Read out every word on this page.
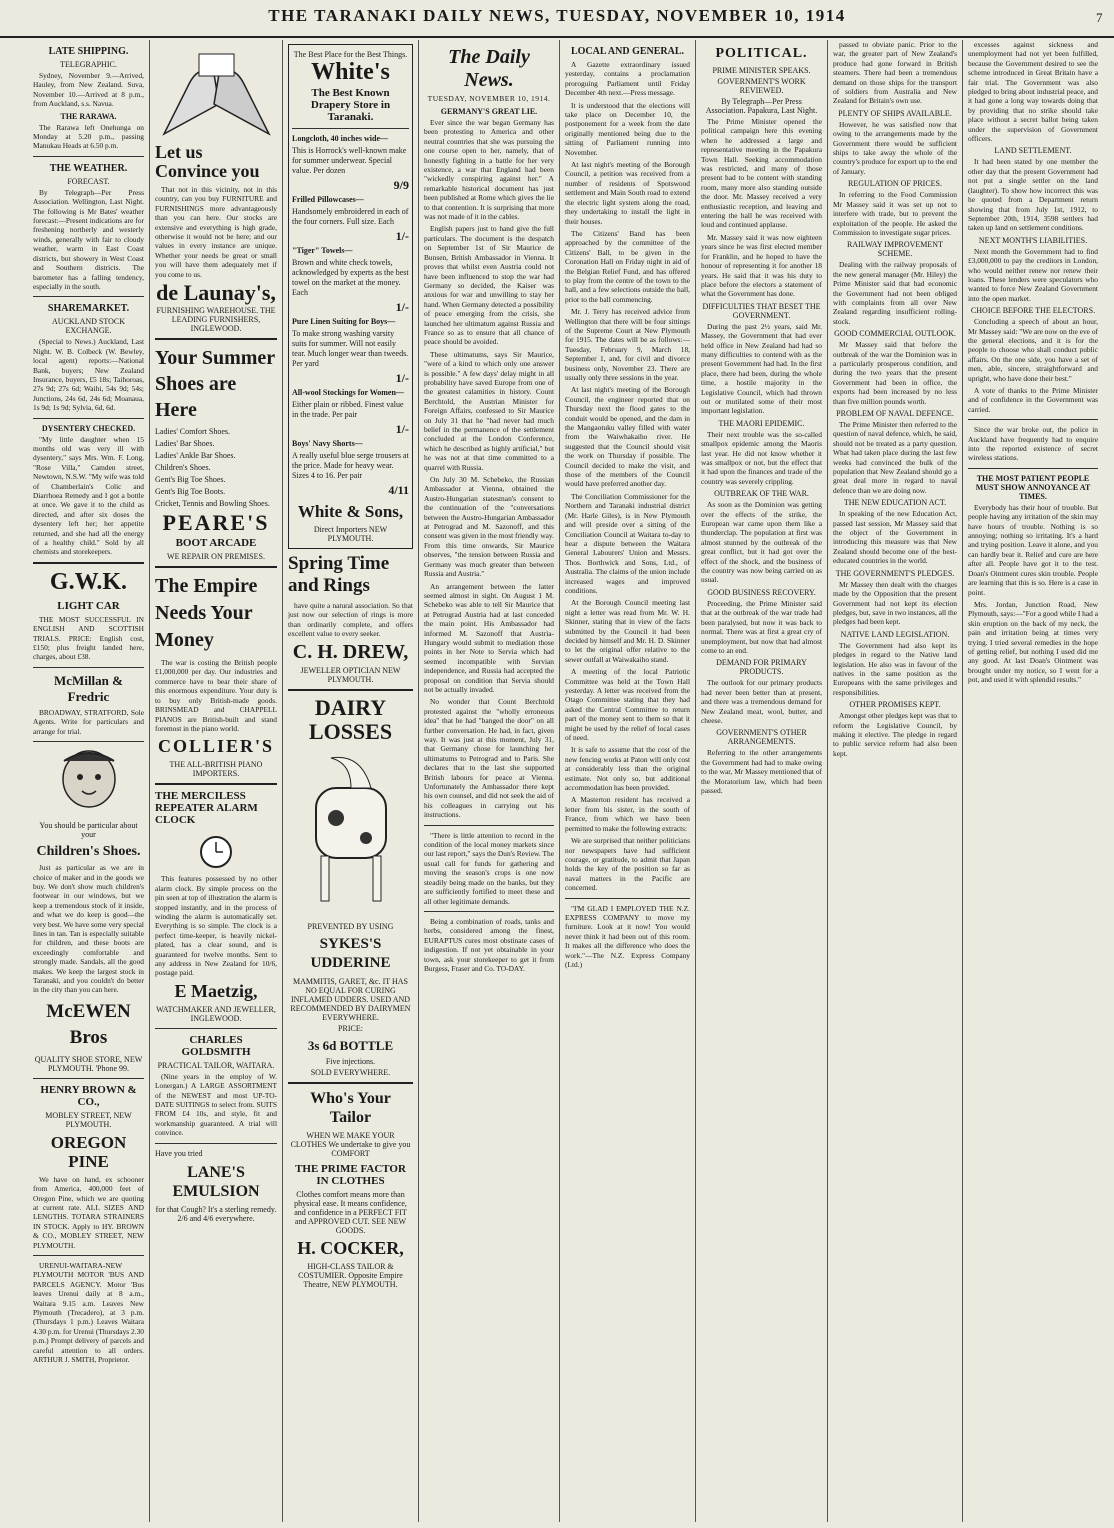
THE TARANAKI DAILY NEWS, TUESDAY, NOVEMBER 10, 1914	7
LATE SHIPPING.
TELEGRAPHIC.

Sydney, November 9.—Arrived, Hauley, from New Zealand. Suva, November 10.—Arrived at 8 p.m., from Auckland, s.s. Navua.

THE RARAWA.

The Rarawa left Onehunga on Monday at 5.20 p.m., passing Manukau Heads at 6.50 p.m.

THE WEATHER.
FORECAST.

By Telegraph—Per Press Association. Wellington, Last Night. The following is Mr Bates' weather forecast:—Present indications are for freshening northerly and westerly winds, generally with fair to cloudy weather, warm in East Coast districts, but showery in West Coast and Southern districts. The barometer has a falling tendency, especially in the south.

SHAREMARKET.
AUCKLAND STOCK EXCHANGE.

(Special to News.) Auckland, Last Night. W. B. Colbeck (W. Bewley, local agent) reports:—National Bank, buyers; New Zealand Insurance, buyers, £5 18s; Taihoroas, 27s 9d; 27s 6d; Waihi, 54s 9d; 54s; Junctions, 24s 6d, 24s 6d; Moanaua, 1s 9d; 1s 9d; Sylvia, 6d, 6d.

DYSENTERY CHECKED.

"My little daughter when 15 months old was very ill with dysentery," says Mrs. Wm. F. Long, "Rose Villa," Camden street, Newtown, N.S.W. "My wife was told of Chamberlain's Colic and Diarrhoea Remedy and I got a bottle at once. We gave it to the child as directed, and after six doses the dysentery left her; her appetite returned, and she had all the energy of a healthy child." Sold by all chemists and storekeepers.

G.W.K.
LIGHT CAR

THE MOST SUCCESSFUL IN ENGLISH AND SCOTTISH TRIALS. PRICE: English cost, £150; plus freight landed here, charges, about £38.

McMillan & Fredric

BROADWAY, STRATFORD, Sole Agents. Write for particulars and arrange for trial.

You should be particular about your
Children's Shoes.

Just as particular as we are in choice of maker and in the goods we buy. We don't show much children's footwear in our windows, but we keep a tremendous stock of it inside, and what we do keep is good—the very best. We have some very special lines in tan. Tan is especially suitable for children, and these boots are exceedingly comfortable and strongly made. Sandals, all the good makes. We keep the largest stock in Taranaki, and you couldn't do better in the city than you can here.

McEWEN Bros
QUALITY SHOE STORE, NEW PLYMOUTH. 'Phone 99.
HENRY BROWN & CO.,
MOBLEY STREET, NEW PLYMOUTH.
OREGON PINE

We have on hand, ex schooner from America, 400,000 feet of Oregon Pine, which we are quoting at current rate. ALL SIZES AND LENGTHS. TOTARA STRAINERS IN STOCK. Apply to HY. BROWN & CO., MOBLEY STREET, NEW PLYMOUTH.

URENUI-WAITARA-NEW PLYMOUTH MOTOR 'BUS AND PARCELS AGENCY. Motor 'Bus leaves Urenui daily at 8 a.m., Waitara 9.15 a.m. Leaves New Plymouth (Trecadero), at 3 p.m. (Thursdays 1 p.m.) Leaves Waitara 4.30 p.m. for Urenui (Thursdays 2.30 p.m.) Prompt delivery of parcels and careful attention to all orders. ARTHUR J. SMITH, Proprietor.

Let us Convince you

That not in this vicinity, not in this country, can you buy FURNITURE and FURNISHINGS more advantageously than you can here. Our stocks are extensive and everything is high grade, otherwise it would not be here; and our values in every instance are unique. Whether your needs be great or small you will have them adequately met if you come to us.

de Launay's,
FURNISHING WAREHOUSE. THE LEADING FURNISHERS, INGLEWOOD.
Your Summer Shoes are Here
Ladies' Comfort Shoes.
Ladies' Bar Shoes.
Ladies' Ankle Bar Shoes.
Children's Shoes.
Gent's Big Toe Shoes.
Gent's Big Toe Boots.
Cricket, Tennis and Bowling Shoes.
PEARE'S
BOOT ARCADE
WE REPAIR ON PREMISES.
The Empire Needs Your Money

The war is costing the British people £1,000,000 per day. Our industries and commerce have to bear their share of this enormous expenditure. Your duty is to buy only British-made goods. BRINSMEAD and CHAPPELL PIANOS are British-built and stand foremost in the piano world.

COLLIER'S
THE ALL-BRITISH PIANO IMPORTERS.
THE MERCILESS REPEATER ALARM CLOCK

This features possessed by no other alarm clock. By simple process on the pin seen at top of illustration the alarm is stopped instantly, and in the process of winding the alarm is automatically set. Everything is so simple. The clock is a perfect time-keeper, is heavily nickel-plated, has a clear sound, and is guaranteed for twelve months. Sent to any address in New Zealand for 10/6, postage paid.

E Maetzig,
WATCHMAKER AND JEWELLER, INGLEWOOD.
CHARLES GOLDSMITH
PRACTICAL TAILOR, WAITARA.

(Nine years in the employ of W. Lonergan.) A LARGE ASSORTMENT of the NEWEST and most UP-TO-DATE SUITINGS to select from. SUITS FROM £4 10s, and style, fit and workmanship guaranteed. A trial will convince.

Have you tried
LANE'S EMULSION
for that Cough? It's a sterling remedy. 2/6 and 4/6 everywhere.
The Best Place for the Best Things.
White's
The Best Known Drapery Store in Taranaki.
Longcloth, 40 inches wide—
This is Horrock's well-known make for summer underwear. Special value. Per dozen
9/9
Frilled Pillowcases—
Handsomely embroidered in each of the four corners. Full size. Each
1/-
"Tiger" Towels—
Brown and white check towels, acknowledged by experts as the best towel on the market at the money. Each
1/-
Pure Linen Suiting for Boys—
To make strong washing varsity suits for summer. Will not easily tear. Much longer wear than tweeds. Per yard
1/-
All-wool Stockings for Women—
Either plain or ribbed. Finest value in the trade. Per pair
1/-
Boys' Navy Shorts—
A really useful blue serge trousers at the price. Made for heavy wear. Sizes 4 to 16. Per pair
4/11
White & Sons,
Direct Importers NEW PLYMOUTH.
Spring Time and Rings

have quite a natural association. So that just now our selection of rings is more than ordinarily complete, and offers excellent value to every seeker.

C. H. DREW,
JEWELLER OPTICIAN NEW PLYMOUTH.
DAIRY LOSSES
PREVENTED BY USING
SYKES'S UDDERINE
MAMMITIS, GARET, &c. IT HAS NO EQUAL FOR CURING INFLAMED UDDERS. USED AND RECOMMENDED BY DAIRYMEN EVERYWHERE.
PRICE:
3s 6d BOTTLE
Five injections.
SOLD EVERYWHERE.
Who's Your Tailor
WHEN WE MAKE YOUR CLOTHES We undertake to give you COMFORT
THE PRIME FACTOR IN CLOTHES
Clothes comfort means more than physical ease. It means confidence, and confidence in a PERFECT FIT and APPROVED CUT. SEE NEW GOODS.
H. COCKER,
HIGH-CLASS TAILOR & COSTUMIER. Opposite Empire Theatre, NEW PLYMOUTH.
The Daily News.
TUESDAY, NOVEMBER 10, 1914.
GERMANY'S GREAT LIE.

Ever since the war began Germany has been protesting to America and other neutral countries that she was pursuing the one course open to her, namely, that of honestly fighting in a battle for her very existence, a war that England had been "wickedly conspiring against her." A remarkable historical document has just been published at Rome which gives the lie to that contention. It is surprising that more was not made of it in the cables.

English papers just to hand give the full particulars. The document is the despatch on September 1st of Sir Maurice de Bunsen, British Ambassador in Vienna. It proves that whilst even Austria could not have been influenced to stop the war had Germany so decided, the Kaiser was anxious for war and unwilling to stay her hand. When Germany detected a possibility of peace emerging from the crisis, she launched her ultimatum against Russia and France so as to ensure that all chance of peace should be avoided.

These ultimatums, says Sir Maurice, "were of a kind to which only one answer is possible." A few days' delay might in all probability have saved Europe from one of the greatest calamities in history. Count Berchtold, the Austrian Minister for Foreign Affairs, confessed to Sir Maurice on July 31 that he "had never had much belief in the permanence of the settlement concluded at the London Conference, which he described as highly artificial," but he was not at that time committed to a quarrel with Russia.

On July 30 M. Schebeko, the Russian Ambassador at Vienna, obtained the Austro-Hungarian statesman's consent to the continuation of the "conversations between the Austro-Hungarian Ambassador at Petrograd and M. Sazonoff, and this consent was given in the most friendly way. From this time onwards, Sir Maurice observes, "the tension between Russia and Germany was much greater than between Russia and Austria."

An arrangement between the latter seemed almost in sight. On August 1 M. Schebeko was able to tell Sir Maurice that at Petrograd Austria had at last conceded the main point. His Ambassador had informed M. Sazonoff that Austria-Hungary would submit to mediation those points in her Note to Servia which had seemed incompatible with Servian independence, and Russia had accepted the proposal on condition that Servia should not be actually invaded.

No wonder that Count Berchtold protested against the "wholly erroneous idea" that he had "banged the door" on all further conversation. He had, in fact, given way. It was just at this moment, July 31, that Germany chose for launching her ultimatums to Petrograd and to Paris. She declares that to the last she supported British labours for peace at Vienna. Unfortunately the Ambassador there kept his own counsel, and did not seek the aid of his colleagues in carrying out his instructions.

"There is little attention to record in the condition of the local money markets since our last report," says the Dun's Review. The usual call for funds for gathering and moving the season's crops is one now steadily being made on the banks, but they are sufficiently fortified to meet these and all other legitimate demands.

Being a combination of roads, tanks and herbs, considered among the finest, EURAPTUS cures most obstinate cases of indigestion. If not yet obtainable in your town, ask your storekeeper to get it from Burgess, Fraser and Co. TO-DAY.

LOCAL AND GENERAL.

A Gazette extraordinary issued yesterday, contains a proclamation proroguing Parliament until Friday December 4th next.—Press message.

It is understood that the elections will take place on December 10, the postponement for a week from the date originally mentioned being due to the sitting of Parliament running into November.

At last night's meeting of the Borough Council, a petition was received from a number of residents of Spotswood settlement and Main South road to extend the electric light system along the road, they undertaking to install the light in their houses.

The Citizens' Band has been approached by the committee of the Citizens' Ball, to be given in the Coronation Hall on Friday night in aid of the Belgian Relief Fund, and has offered to play from the centre of the town to the hall, and a few selections outside the hall, prior to the ball commencing.

Mr. J. Terry has received advice from Wellington that there will be four sittings of the Supreme Court at New Plymouth for 1915. The dates will be as follows:—Tuesday, February 9, March 18, September 1, and, for civil and divorce business only, November 23. There are usually only three sessions in the year.

At last night's meeting of the Borough Council, the engineer reported that on Thursday next the flood gates to the conduit would be opened, and the dam in the Mangaotuku valley filled with water from the Waiwhakaiho river. He suggested that the Council should visit the work on Thursday if possible. The Council decided to make the visit, and those of the members of the Council would have preferred another day.

The Conciliation Commissioner for the Northern and Taranaki industrial district (Mr. Harle Giles), is in New Plymouth and will preside over a sitting of the Conciliation Council at Waitara to-day to hear a dispute between the Waitara General Labourers' Union and Messrs. Thos. Borthwick and Sons, Ltd., of Australia. The claims of the union include increased wages and improved conditions.

At the Borough Council meeting last night a letter was read from Mr. W. H. Skinner, stating that in view of the facts submitted by the Council it had been decided by himself and Mr. H. D. Skinner to let the original offer relative to the sewer outfall at Waiwakaiho stand.

A meeting of the local Patriotic Committee was held at the Town Hall yesterday. A letter was received from the Otago Committee stating that they had asked the Central Committee to return part of the money sent to them so that it might be used by the relief of local cases of need.

It is safe to assume that the cost of the new fencing works at Paton will only cost at considerably less than the original estimate. Not only so, but additional accommodation has been provided.

A Masterton resident has received a letter from his sister, in the south of France, from which we have been permitted to make the following extracts:

We are surprised that neither politicians nor newspapers have had sufficient courage, or gratitude, to admit that Japan holds the key of the position so far as naval matters in the Pacific are concerned.

"I'M GLAD I EMPLOYED THE N.Z. EXPRESS COMPANY to move my furniture. Look at it now! You would never think it had been out of this room. It makes all the difference who does the work."—The N.Z. Express Company (Ltd.)

POLITICAL.
PRIME MINISTER SPEAKS.
GOVERNMENT'S WORK REVIEWED.
By Telegraph—Per Press Association. Papakura, Last Night.

The Prime Minister opened the political campaign here this evening when he addressed a large and representative meeting in the Papakura Town Hall. Seeking accommodation was restricted, and many of those present had to be content with standing room, many more also standing outside the door. Mr. Massey received a very enthusiastic reception, and leaving and entering the hall he was received with loud and continued applause.

Mr. Massey said it was now eighteen years since he was first elected member for Franklin, and he hoped to have the honour of representing it for another 18 years. He said that it was his duty to place before the electors a statement of what the Government has done.

DIFFICULTIES THAT BESET THE GOVERNMENT.

During the past 2½ years, said Mr. Massey, the Government that had ever held office in New Zealand had had so many difficulties to contend with as the present Government had had. In the first place, there had been, during the whole time, a hostile majority in the Legislative Council, which had thrown out or mutilated some of their most important legislation.

THE MAORI EPIDEMIC.

Their next trouble was the so-called smallpox epidemic among the Maoris last year. He did not know whether it was smallpox or not, but the effect that it had upon the finances and trade of the country was severely crippling.

OUTBREAK OF THE WAR.

As soon as the Dominion was getting over the effects of the strike, the European war came upon them like a thunderclap. The population at first was almost stunned by the outbreak of the great conflict, but it had got over the effect of the shock, and the business of the country was now being carried on as usual.

GOOD BUSINESS RECOVERY.

Proceeding, the Prime Minister said that at the outbreak of the war trade had been paralysed, but now it was back to normal. There was at first a great cry of unemployment, but now that had almost come to an end.

DEMAND FOR PRIMARY PRODUCTS.

The outlook for our primary products had never been better than at present, and there was a tremendous demand for New Zealand meat, wool, butter, and cheese.

GOVERNMENT'S OTHER ARRANGEMENTS.

Referring to the other arrangements the Government had had to make owing to the war, Mr Massey mentioned that of the Moratorium law, which had been passed.

passed to obviate panic. Prior to the war, the greater part of New Zealand's produce had gone forward in British steamers. There had been a tremendous demand on those ships for the transport of soldiers from Australia and New Zealand for Britain's own use.

PLENTY OF SHIPS AVAILABLE.

However, he was satisfied now that owing to the arrangements made by the Government there would be sufficient ships to take away the whole of the country's produce for export up to the end of January.

REGULATION OF PRICES.

In referring to the Food Commission Mr Massey said it was set up not to interfere with trade, but to prevent the exploitation of the people. He asked the Commission to investigate sugar prices.

RAILWAY IMPROVEMENT SCHEME.

Dealing with the railway proposals of the new general manager (Mr. Hiley) the Prime Minister said that had economic the Government had not been obliged with complaints from all over New Zealand regarding insufficient rolling-stock.

GOOD COMMERCIAL OUTLOOK.

Mr Massey said that before the outbreak of the war the Dominion was in a particularly prosperous condition, and during the two years that the present Government had been in office, the exports had been increased by no less than five million pounds worth.

PROBLEM OF NAVAL DEFENCE.

The Prime Minister then referred to the question of naval defence, which, he said, should not be treated as a party question. What had taken place during the last few weeks had convinced the bulk of the population that New Zealand should go a great deal more in regard to naval defence than we are doing now.

THE NEW EDUCATION ACT.

In speaking of the new Education Act, passed last session, Mr Massey said that the object of the Government in introducing this measure was that New Zealand should become one of the best-educated countries in the world.

THE GOVERNMENT'S PLEDGES.

Mr Massey then dealt with the charges made by the Opposition that the present Government had not kept its election pledges, but, save in two instances, all the pledges had been kept.

NATIVE LAND LEGISLATION.

The Government had also kept its pledges in regard to the Native land legislation. He also was in favour of the natives in the same position as the Europeans with the same privileges and responsibilities.

OTHER PROMISES KEPT.

Amongst other pledges kept was that to reform the Legislative Council, by making it elective. The pledge in regard to public service reform had also been kept.

excesses against sickness and unemployment had not yet been fulfilled, because the Government desired to see the scheme introduced in Great Britain have a fair trial. The Government was also pledged to bring about industrial peace, and it had gone a long way towards doing that by providing that no strike should take place without a secret ballot being taken under the supervision of Government officers.

LAND SETTLEMENT.

It had been stated by one member the other day that the present Government had not put a single settler on the land (laughter). To show how incorrect this was he quoted from a Department return showing that from July 1st, 1912, to September 20th, 1914, 3598 settlers had taken up land on settlement conditions.

NEXT MONTH'S LIABILITIES.

Next month the Government had to find £3,000,000 to pay the creditors in London, who would neither renew nor renew their loans. These lenders were speculators who wanted to force New Zealand Government into the open market.

CHOICE BEFORE THE ELECTORS.

Concluding a speech of about an hour, Mr Massey said: "We are now on the eve of the general elections, and it is for the people to choose who shall conduct public affairs. On the one side, you have a set of men, able, sincere, straightforward and upright, who have done their best."

A vote of thanks to the Prime Minister and of confidence in the Government was carried.

Since the war broke out, the police in Auckland have frequently had to enquire into the reported existence of secret wireless stations.

THE MOST PATIENT PEOPLE MUST SHOW ANNOYANCE AT TIMES.

Everybody has their hour of trouble. But people having any irritation of the skin may have hours of trouble. Nothing is so annoying; nothing so irritating. It's a hard and trying position. Leave it alone, and you can hardly bear it. Relief and cure are here after all. People have got it to the test. Doan's Ointment cures skin trouble. People are learning that this is so. Here is a case in point.

Mrs. Jordan, Junction Road, New Plymouth, says:—"For a good while I had a skin eruption on the back of my neck, the pain and irritation being at times very trying. I tried several remedies in the hope of getting relief, but nothing I used did me any good. At last Doan's Ointment was brought under my notice, so I went for a pot, and used it with splendid results."
